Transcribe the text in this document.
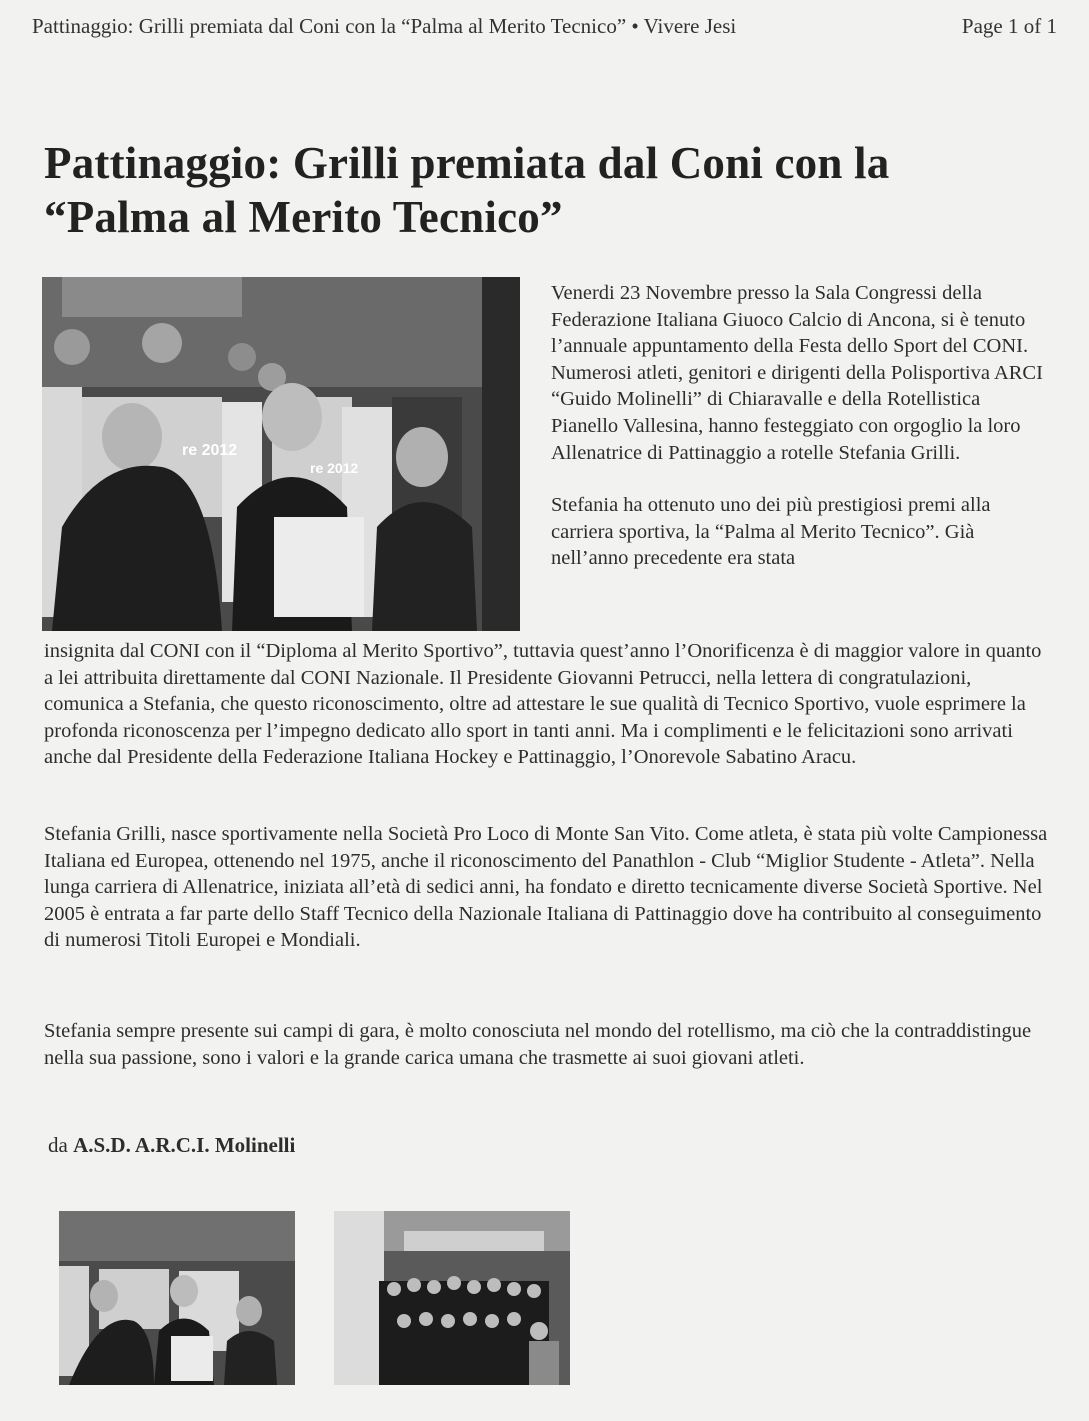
Pattinaggio: Grilli premiata dal Coni con la “Palma al Merito Tecnico” • Vivere Jesi	Page 1 of 1
Pattinaggio: Grilli premiata dal Coni con la
“Palma al Merito Tecnico”
re 2012
re 2012

Venerdi 23 Novembre presso la Sala Congressi della Federazione Italiana Giuoco Calcio di Ancona, si è tenuto l’annuale appuntamento della Festa dello Sport del CONI. Numerosi atleti, genitori e dirigenti della Polisportiva ARCI “Guido Molinelli” di Chiaravalle e della Rotellistica Pianello Vallesina, hanno festeggiato con orgoglio la loro Allenatrice di Pattinaggio a rotelle Stefania Grilli.

Stefania ha ottenuto uno dei più prestigiosi premi alla carriera sportiva, la “Palma al Merito Tecnico”. Già nell’anno precedente era stata

insignita dal CONI con il “Diploma al Merito Sportivo”, tuttavia quest’anno l’Onorificenza è di maggior valore in quanto a lei attribuita direttamente dal CONI Nazionale. Il Presidente Giovanni Petrucci, nella lettera di congratulazioni, comunica a Stefania, che questo riconoscimento, oltre ad attestare le sue qualità di Tecnico Sportivo, vuole esprimere la profonda riconoscenza per l’impegno dedicato allo sport in tanti anni. Ma i complimenti e le felicitazioni sono arrivati anche dal Presidente della Federazione Italiana Hockey e Pattinaggio, l’Onorevole Sabatino Aracu.

Stefania Grilli, nasce sportivamente nella Società Pro Loco di Monte San Vito. Come atleta, è stata più volte Campionessa Italiana ed Europea, ottenendo nel 1975, anche il riconoscimento del Panathlon - Club “Miglior Studente - Atleta”. Nella lunga carriera di Allenatrice, iniziata all’età di sedici anni, ha fondato e diretto tecnicamente diverse Società Sportive. Nel 2005 è entrata a far parte dello Staff Tecnico della Nazionale Italiana di Pattinaggio dove ha contribuito al conseguimento di numerosi Titoli Europei e Mondiali.

Stefania sempre presente sui campi di gara, è molto conosciuta nel mondo del rotellismo, ma ciò che la contraddistingue nella sua passione, sono i valori e la grande carica umana che trasmette ai suoi giovani atleti.

da A.S.D. A.R.C.I. Molinelli
